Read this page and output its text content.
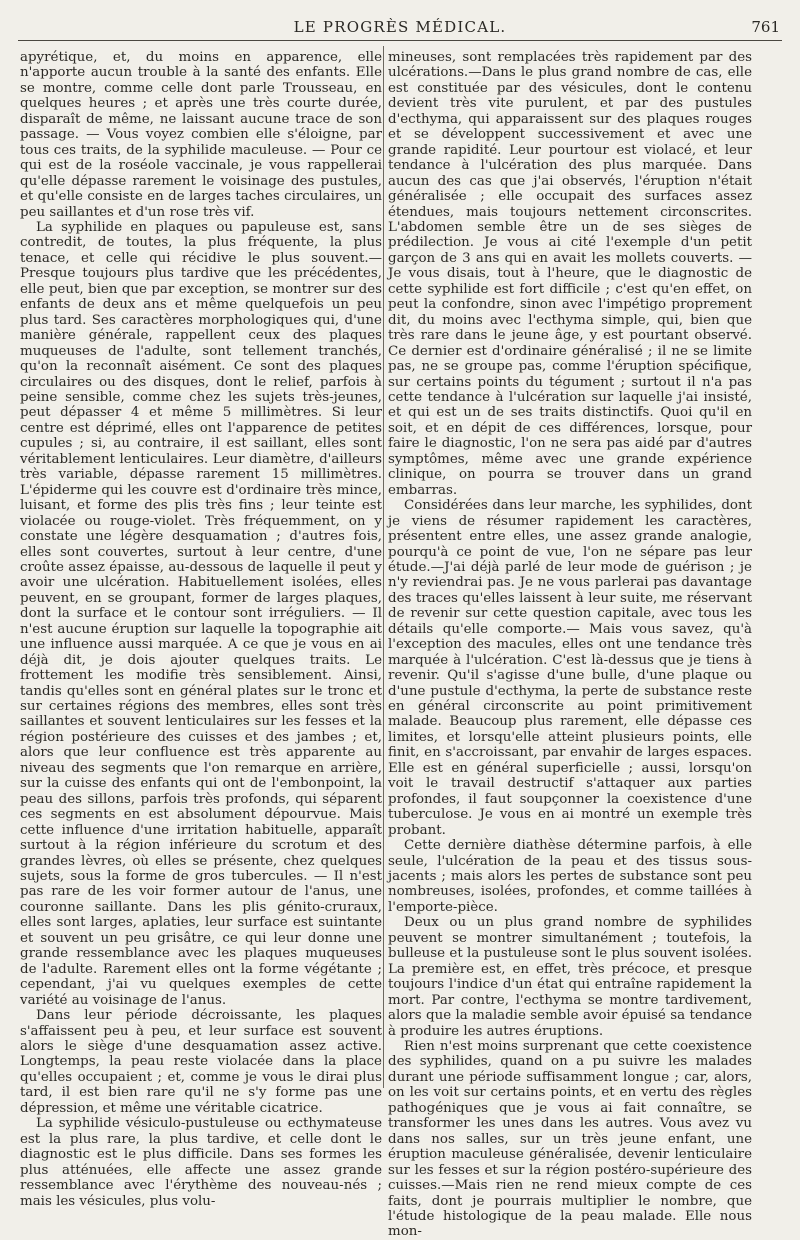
LE PROGRÈS MÉDICAL.	761

apyrétique, et, du moins en apparence, elle n'apporte aucun trouble à la santé des enfants. Elle se montre, comme celle dont parle Trousseau, en quelques heures ; et après une très courte durée, disparaît de même, ne laissant aucune trace de son passage. — Vous voyez combien elle s'éloigne, par tous ces traits, de la syphilide maculeuse. — Pour ce qui est de la roséole vaccinale, je vous rappellerai qu'elle dépasse rarement le voisinage des pustules, et qu'elle consiste en de larges taches circulaires, un peu saillantes et d'un rose très vif.

La syphilide en plaques ou papuleuse est, sans contredit, de toutes, la plus fréquente, la plus tenace, et celle qui récidive le plus souvent.—Presque toujours plus tardive que les précédentes, elle peut, bien que par exception, se montrer sur des enfants de deux ans et même quelquefois un peu plus tard. Ses caractères morphologiques qui, d'une manière générale, rappellent ceux des plaques muqueuses de l'adulte, sont tellement tranchés, qu'on la reconnaît aisément. Ce sont des plaques circulaires ou des disques, dont le relief, parfois à peine sensible, comme chez les sujets très-jeunes, peut dépasser 4 et même 5 millimètres. Si leur centre est déprimé, elles ont l'apparence de petites cupules ; si, au contraire, il est saillant, elles sont véritablement lenticulaires. Leur diamètre, d'ailleurs très variable, dépasse rarement 15 millimètres. L'épiderme qui les couvre est d'ordinaire très mince, luisant, et forme des plis très fins ; leur teinte est violacée ou rouge-violet. Très fréquemment, on y constate une légère desquamation ; d'autres fois, elles sont couvertes, surtout à leur centre, d'une croûte assez épaisse, au-dessous de laquelle il peut y avoir une ulcération. Habituellement isolées, elles peuvent, en se groupant, former de larges plaques, dont la surface et le contour sont irréguliers. — Il n'est aucune éruption sur laquelle la topographie ait une influence aussi marquée. A ce que je vous en ai déjà dit, je dois ajouter quelques traits. Le frottement les modifie très sensiblement. Ainsi, tandis qu'elles sont en général plates sur le tronc et sur certaines régions des membres, elles sont très saillantes et souvent lenticulaires sur les fesses et la région postérieure des cuisses et des jambes ; et, alors que leur confluence est très apparente au niveau des segments que l'on remarque en arrière, sur la cuisse des enfants qui ont de l'embonpoint, la peau des sillons, parfois très profonds, qui séparent ces segments en est absolument dépourvue. Mais cette influence d'une irritation habituelle, apparaît surtout à la région inférieure du scrotum et des grandes lèvres, où elles se présente, chez quelques sujets, sous la forme de gros tubercules. — Il n'est pas rare de les voir former autour de l'anus, une couronne saillante. Dans les plis génito-cruraux, elles sont larges, aplaties, leur surface est suintante et souvent un peu grisâtre, ce qui leur donne une grande ressemblance avec les plaques muqueuses de l'adulte. Rarement elles ont la forme végétante ; cependant, j'ai vu quelques exemples de cette variété au voisinage de l'anus.

Dans leur période décroissante, les plaques s'affaissent peu à peu, et leur surface est souvent alors le siège d'une desquamation assez active. Longtemps, la peau reste violacée dans la place qu'elles occupaient ; et, comme je vous le dirai plus tard, il est bien rare qu'il ne s'y forme pas une dépression, et même une véritable cicatrice.

La syphilide vésiculo-pustuleuse ou ecthymateuse est la plus rare, la plus tardive, et celle dont le diagnostic est le plus difficile. Dans ses formes les plus atténuées, elle affecte une assez grande ressemblance avec l'érythème des nouveau-nés ; mais les vésicules, plus volu-

mineuses, sont remplacées très rapidement par des ulcérations.—Dans le plus grand nombre de cas, elle est constituée par des vésicules, dont le contenu devient très vite purulent, et par des pustules d'ecthyma, qui apparaissent sur des plaques rouges et se développent successivement et avec une grande rapidité. Leur pourtour est violacé, et leur tendance à l'ulcération des plus marquée. Dans aucun des cas que j'ai observés, l'éruption n'était généralisée ; elle occupait des surfaces assez étendues, mais toujours nettement circonscrites. L'abdomen semble être un de ses sièges de prédilection. Je vous ai cité l'exemple d'un petit garçon de 3 ans qui en avait les mollets couverts. — Je vous disais, tout à l'heure, que le diagnostic de cette syphilide est fort difficile ; c'est qu'en effet, on peut la confondre, sinon avec l'impétigo proprement dit, du moins avec l'ecthyma simple, qui, bien que très rare dans le jeune âge, y est pourtant observé. Ce dernier est d'ordinaire généralisé ; il ne se limite pas, ne se groupe pas, comme l'éruption spécifique, sur certains points du tégument ; surtout il n'a pas cette tendance à l'ulcération sur laquelle j'ai insisté, et qui est un de ses traits distinctifs. Quoi qu'il en soit, et en dépit de ces différences, lorsque, pour faire le diagnostic, l'on ne sera pas aidé par d'autres symptômes, même avec une grande expérience clinique, on pourra se trouver dans un grand embarras.

Considérées dans leur marche, les syphilides, dont je viens de résumer rapidement les caractères, présentent entre elles, une assez grande analogie, pourqu'à ce point de vue, l'on ne sépare pas leur étude.—J'ai déjà parlé de leur mode de guérison ; je n'y reviendrai pas. Je ne vous parlerai pas davantage des traces qu'elles laissent à leur suite, me réservant de revenir sur cette question capitale, avec tous les détails qu'elle comporte.— Mais vous savez, qu'à l'exception des macules, elles ont une tendance très marquée à l'ulcération. C'est là-dessus que je tiens à revenir. Qu'il s'agisse d'une bulle, d'une plaque ou d'une pustule d'ecthyma, la perte de substance reste en général circonscrite au point primitivement malade. Beaucoup plus rarement, elle dépasse ces limites, et lorsqu'elle atteint plusieurs points, elle finit, en s'accroissant, par envahir de larges espaces. Elle est en général superficielle ; aussi, lorsqu'on voit le travail destructif s'attaquer aux parties profondes, il faut soupçonner la coexistence d'une tuberculose. Je vous en ai montré un exemple très probant.

Cette dernière diathèse détermine parfois, à elle seule, l'ulcération de la peau et des tissus sous-jacents ; mais alors les pertes de substance sont peu nombreuses, isolées, profondes, et comme taillées à l'emporte-pièce.

Deux ou un plus grand nombre de syphilides peuvent se montrer simultanément ; toutefois, la bulleuse et la pustuleuse sont le plus souvent isolées. La première est, en effet, très précoce, et presque toujours l'indice d'un état qui entraîne rapidement la mort. Par contre, l'ecthyma se montre tardivement, alors que la maladie semble avoir épuisé sa tendance à produire les autres éruptions.

Rien n'est moins surprenant que cette coexistence des syphilides, quand on a pu suivre les malades durant une période suffisamment longue ; car, alors, on les voit sur certains points, et en vertu des règles pathogéniques que je vous ai fait connaître, se transformer les unes dans les autres. Vous avez vu dans nos salles, sur un très jeune enfant, une éruption maculeuse généralisée, devenir lenticulaire sur les fesses et sur la région postéro-supérieure des cuisses.—Mais rien ne rend mieux compte de ces faits, dont je pourrais multiplier le nombre, que l'étude histologique de la peau malade. Elle nous mon-
